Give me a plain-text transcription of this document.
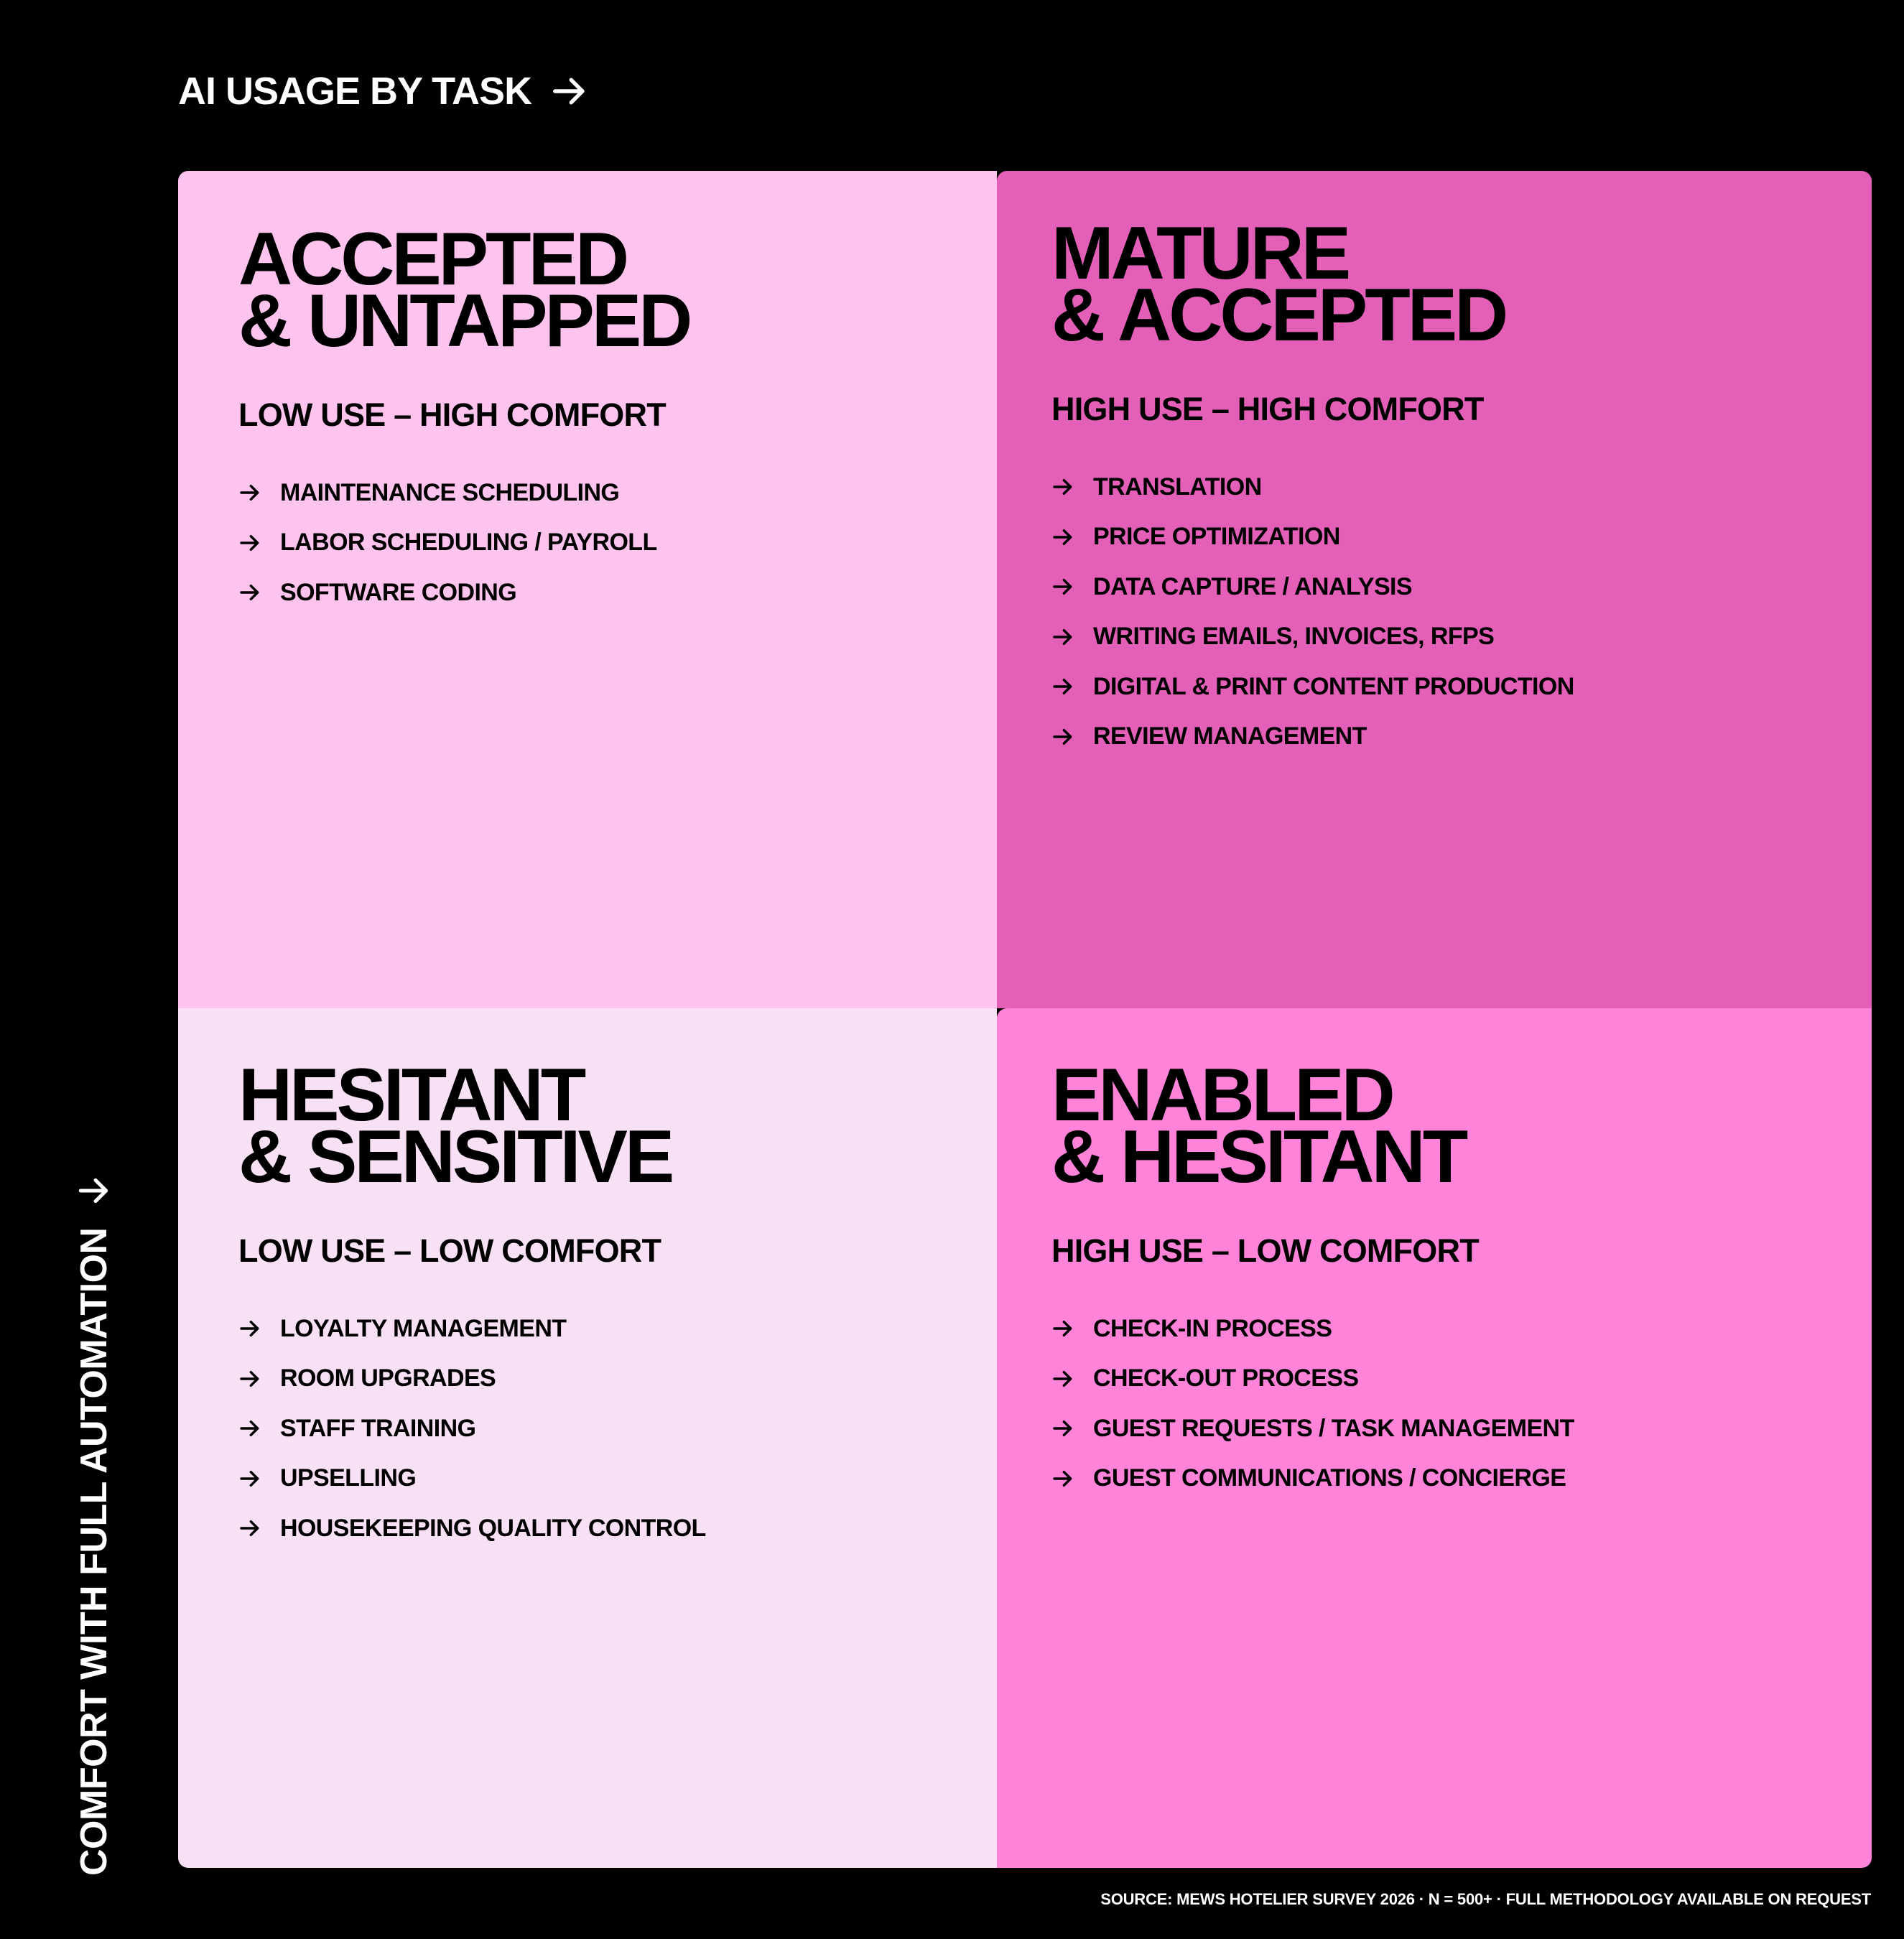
AI USAGE BY TASK
COMFORT WITH FULL AUTOMATION
ACCEPTED
& UNTAPPED
LOW USE – HIGH COMFORT
MAINTENANCE SCHEDULING
LABOR SCHEDULING / PAYROLL
SOFTWARE CODING
MATURE
& ACCEPTED
HIGH USE – HIGH COMFORT
TRANSLATION
PRICE OPTIMIZATION
DATA CAPTURE / ANALYSIS
WRITING EMAILS, INVOICES, RFPS
DIGITAL & PRINT CONTENT PRODUCTION
REVIEW MANAGEMENT
HESITANT
& SENSITIVE
LOW USE – LOW COMFORT
LOYALTY MANAGEMENT
ROOM UPGRADES
STAFF TRAINING
UPSELLING
HOUSEKEEPING QUALITY CONTROL
ENABLED
& HESITANT
HIGH USE – LOW COMFORT
CHECK-IN PROCESS
CHECK-OUT PROCESS
GUEST REQUESTS / TASK MANAGEMENT
GUEST COMMUNICATIONS / CONCIERGE
SOURCE: MEWS HOTELIER SURVEY 2026 · N = 500+ · FULL METHODOLOGY AVAILABLE ON REQUEST
